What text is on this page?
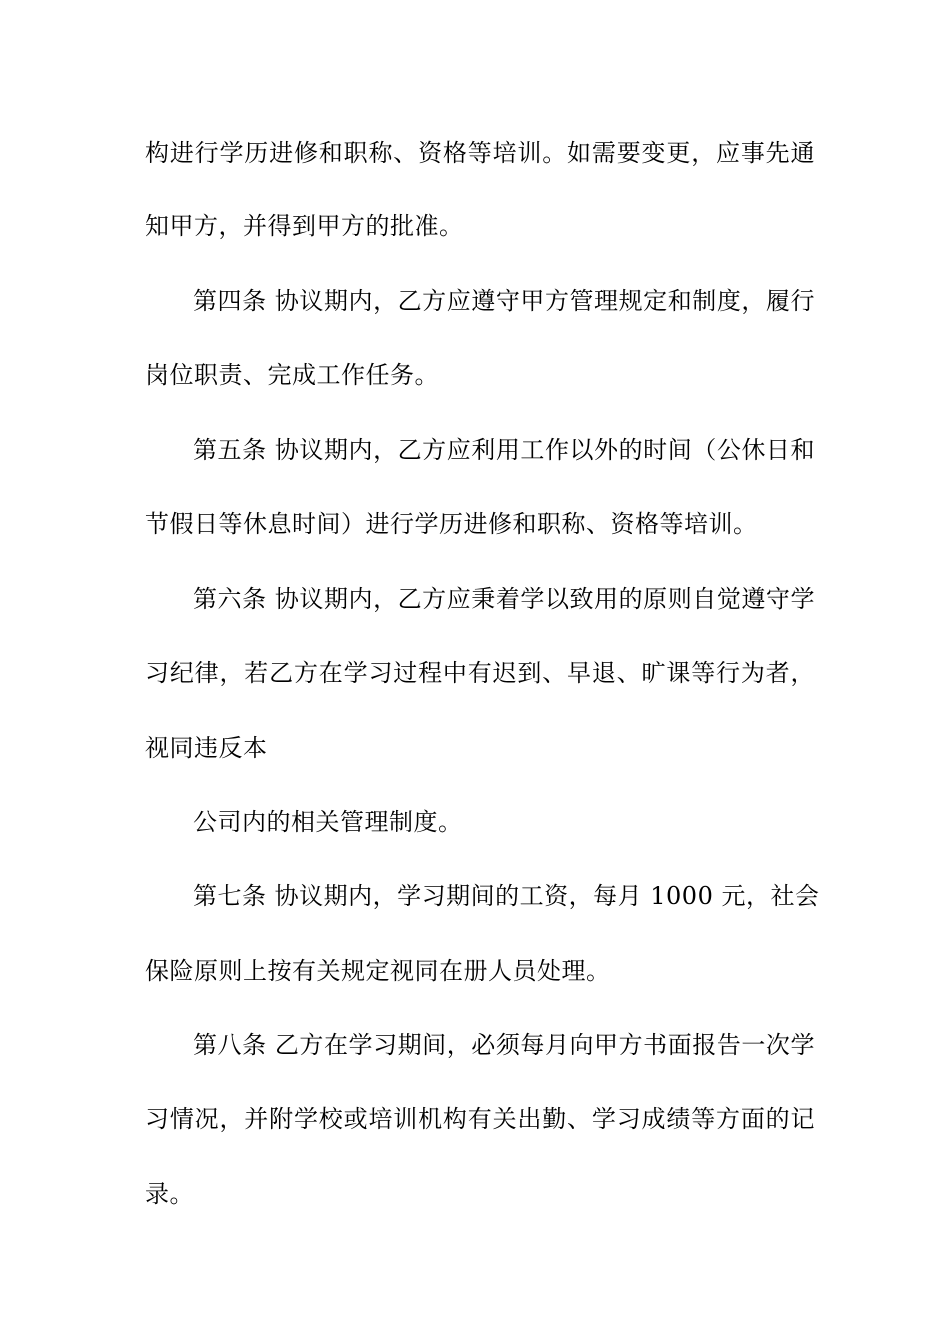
构进行学历进修和职称、资格等培训。如需要变更，应事先通
知甲方，并得到甲方的批准。
第四条 协议期内，乙方应遵守甲方管理规定和制度，履行
岗位职责、完成工作任务。
第五条 协议期内，乙方应利用工作以外的时间（公休日和
节假日等休息时间）进行学历进修和职称、资格等培训。
第六条 协议期内，乙方应秉着学以致用的原则自觉遵守学
习纪律，若乙方在学习过程中有迟到、早退、旷课等行为者，
视同违反本
公司内的相关管理制度。
第七条 协议期内，学习期间的工资，每月 1000 元，社会
保险原则上按有关规定视同在册人员处理。
第八条 乙方在学习期间，必须每月向甲方书面报告一次学
习情况，并附学校或培训机构有关出勤、学习成绩等方面的记
录。
